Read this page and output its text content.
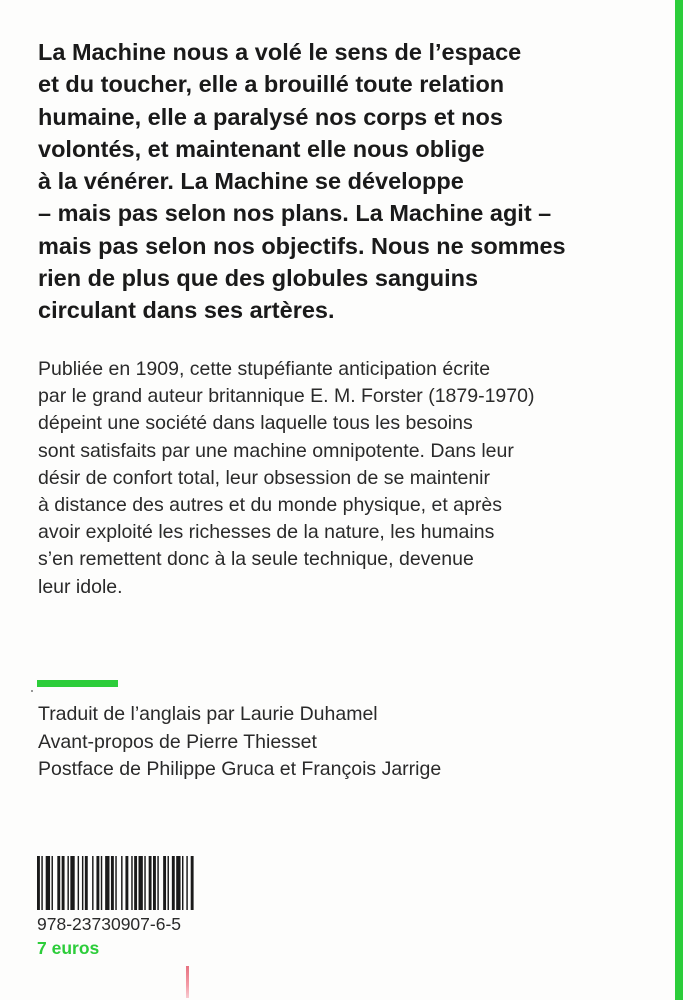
La Machine nous a volé le sens de l’espace
et du toucher, elle a brouillé toute relation
humaine, elle a paralysé nos corps et nos
volontés, et maintenant elle nous oblige
à la vénérer. La Machine se développe
– mais pas selon nos plans. La Machine agit –
mais pas selon nos objectifs. Nous ne sommes
rien de plus que des globules sanguins
circulant dans ses artères.

Publiée en 1909, cette stupéfiante anticipation écrite
par le grand auteur britannique E. M. Forster (1879-1970)
dépeint une société dans laquelle tous les besoins
sont satisfaits par une machine omnipotente. Dans leur
désir de confort total, leur obsession de se maintenir
à distance des autres et du monde physique, et après
avoir exploité les richesses de la nature, les humains
s’en remettent donc à la seule technique, devenue
leur idole.

Traduit de l’anglais par Laurie Duhamel
Avant-propos de Pierre Thiesset
Postface de Philippe Gruca et François Jarrige

978-23730907-6-5

7 euros
